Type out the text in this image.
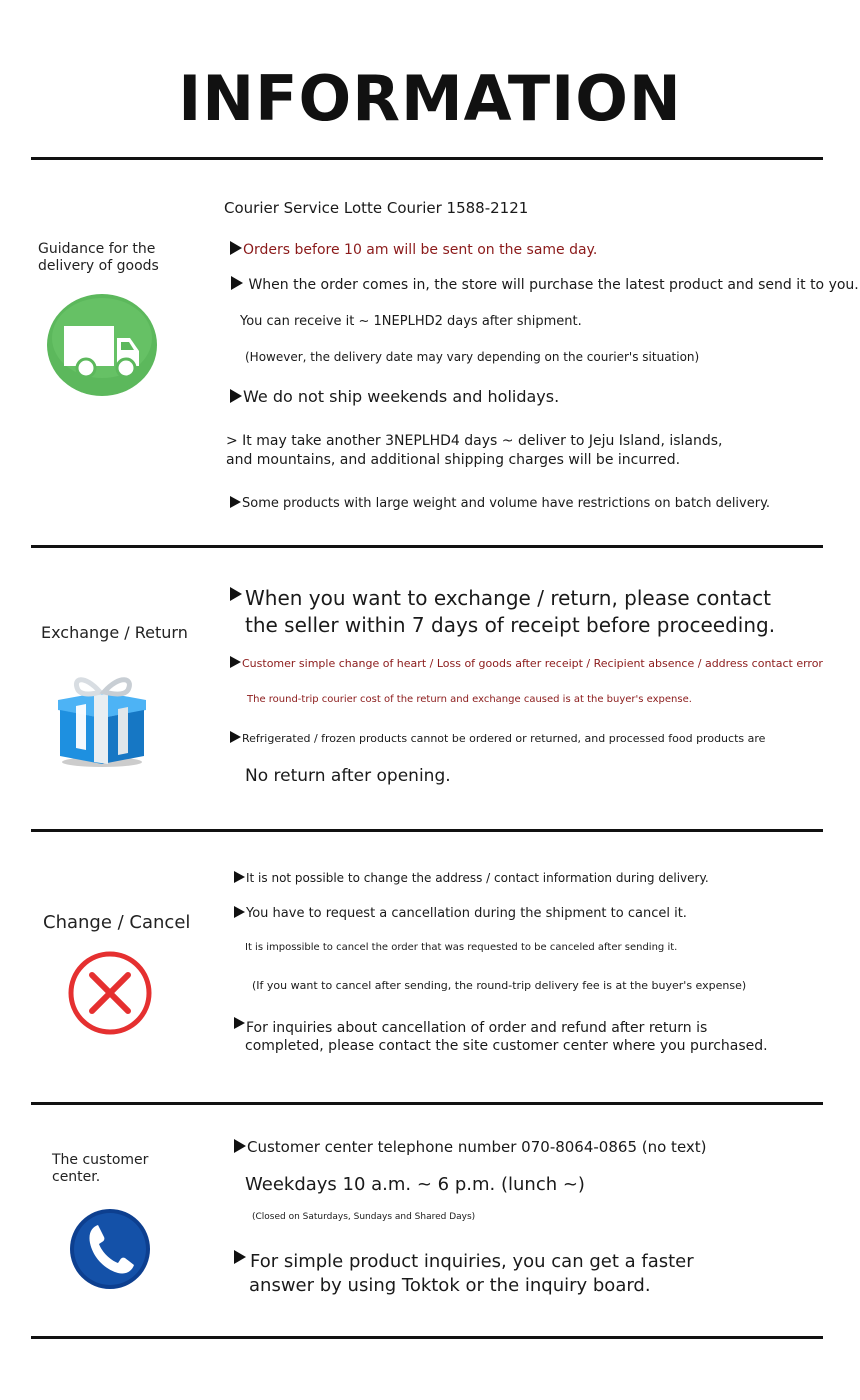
INFORMATION
Guidance for the
delivery of goods
Courier Service Lotte Courier 1588-2121
Orders before 10 am will be sent on the same day.
When the order comes in, the store will purchase the latest product and send it to you.
You can receive it ~ 1NEPLHD2 days after shipment.
(However, the delivery date may vary depending on the courier's situation)
We do not ship weekends and holidays.
> It may take another 3NEPLHD4 days ~ deliver to Jeju Island, islands,
and mountains, and additional shipping charges will be incurred.
Some products with large weight and volume have restrictions on batch delivery.
Exchange / Return
When you want to exchange / return, please contact
the seller within 7 days of receipt before proceeding.
Customer simple change of heart / Loss of goods after receipt / Recipient absence / address contact error
The round-trip courier cost of the return and exchange caused is at the buyer's expense.
Refrigerated / frozen products cannot be ordered or returned, and processed food products are
No return after opening.
Change / Cancel
It is not possible to change the address / contact information during delivery.
You have to request a cancellation during the shipment to cancel it.
It is impossible to cancel the order that was requested to be canceled after sending it.
(If you want to cancel after sending, the round-trip delivery fee is at the buyer's expense)
For inquiries about cancellation of order and refund after return is
completed, please contact the site customer center where you purchased.
The customer
center.
Customer center telephone number 070-8064-0865 (no text)
Weekdays 10 a.m. ~ 6 p.m. (lunch ~)
(Closed on Saturdays, Sundays and Shared Days)
For simple product inquiries, you can get a faster
answer by using Toktok or the inquiry board.
